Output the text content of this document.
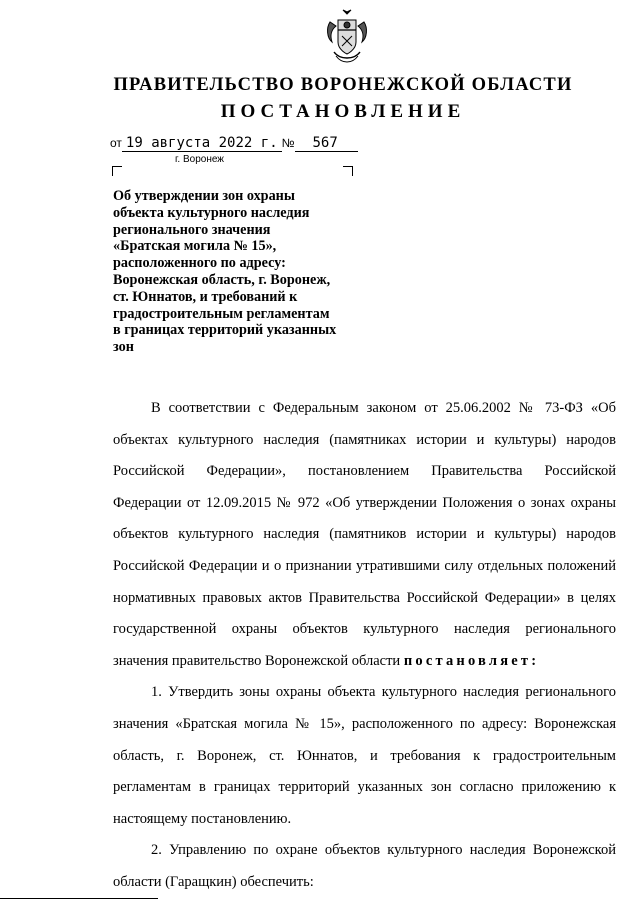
ПРАВИТЕЛЬСТВО ВОРОНЕЖСКОЙ ОБЛАСТИ
ПОСТАНОВЛЕНИЕ
от 19 августа 2022 г. № 567
г. Воронеж
Об утверждении зон охраны
объекта культурного наследия
регионального значения
«Братская могила № 15»,
расположенного по адресу:
Воронежская область, г. Воронеж,
ст. Юннатов, и требований к
градостроительным регламентам
в границах территорий указанных
зон
В соответствии с Федеральным законом от 25.06.2002 № 73-ФЗ «Об
объектах культурного наследия (памятниках истории и культуры) народов
Российской Федерации», постановлением Правительства Российской
Федерации от 12.09.2015 № 972 «Об утверждении Положения о зонах охраны
объектов культурного наследия (памятников истории и культуры) народов
Российской Федерации и о признании утратившими силу отдельных положений
нормативных правовых актов Правительства Российской Федерации» в целях
государственной охраны объектов культурного наследия регионального
значения правительство Воронежской области постановляет:
1. Утвердить зоны охраны объекта культурного наследия регионального
значения «Братская могила № 15», расположенного по адресу: Воронежская
область, г. Воронеж, ст. Юннатов, и требования к градостроительным
регламентам в границах территорий указанных зон согласно приложению к
настоящему постановлению.
2. Управлению по охране объектов культурного наследия Воронежской
области (Гаращкин) обеспечить:
